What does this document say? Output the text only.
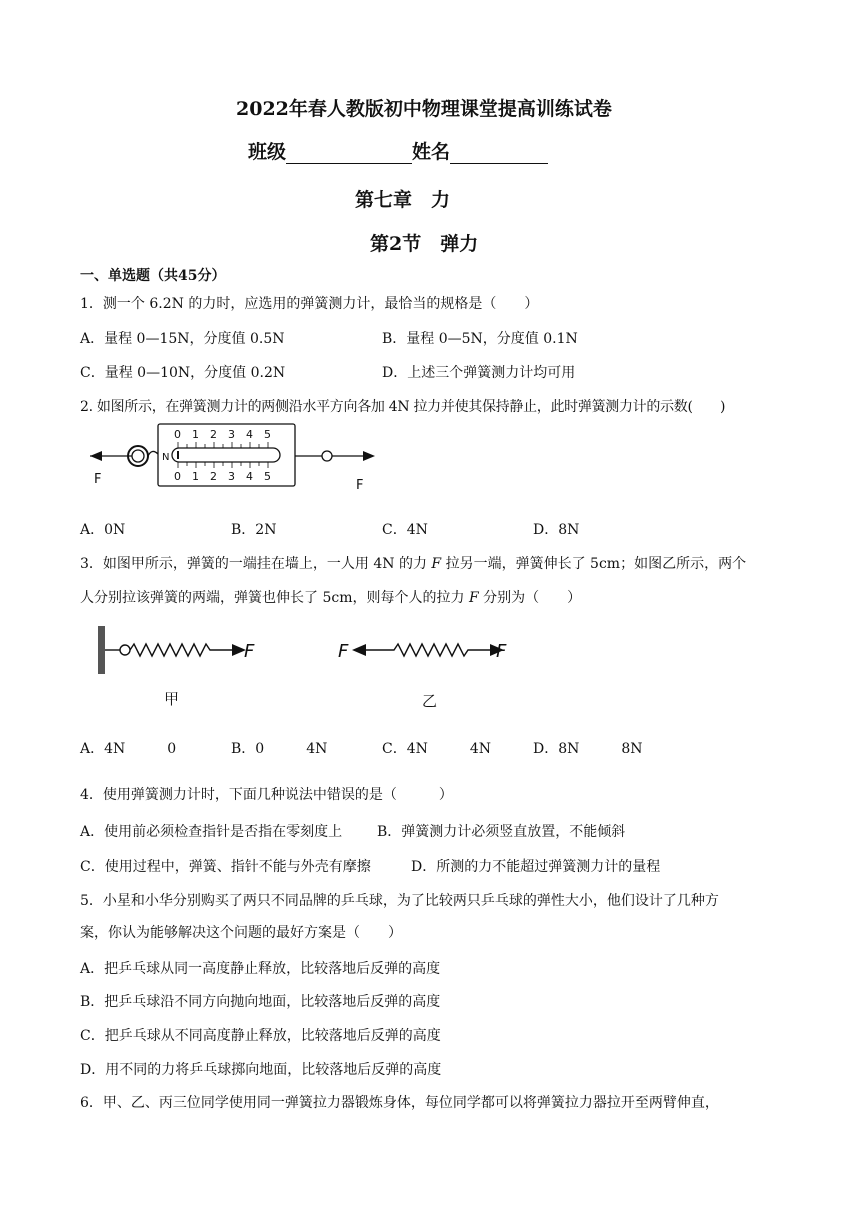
2022年春人教版初中物理课堂提高训练试卷
班级	姓名
第七章　力
第2节　弹力
一、单选题（共45分）
1．测一个 6.2N 的力时，应选用的弹簧测力计，最恰当的规格是（　　）
A．量程 0—15N，分度值 0.5N	B．量程 0—5N，分度值 0.1N
C．量程 0—10N，分度值 0.2N	D．上述三个弹簧测力计均可用
2. 如图所示，在弹簧测力计的两侧沿水平方向各加 4N 拉力并使其保持静止，此时弹簧测力计的示数(　　)
0 1 2 3 4 5
0 1 2 3 4 5
N
F	F
A．0N	B．2N	C．4N	D．8N
3．如图甲所示，弹簧的一端挂在墙上，一人用 4N 的力 F 拉另一端，弹簧伸长了 5cm；如图乙所示，两个
人分别拉该弹簧的两端，弹簧也伸长了 5cm，则每个人的拉力 F 分别为（　　）
F
甲
F	F
乙
A．4N　　　0	B．0　　　4N	C．4N　　　4N	D．8N　　　8N
4．使用弹簧测力计时，下面几种说法中错误的是（　　　）
A．使用前必须检查指针是否指在零刻度上 B．弹簧测力计必须竖直放置，不能倾斜
C．使用过程中，弹簧、指针不能与外壳有摩擦	D．所测的力不能超过弹簧测力计的量程
5．小星和小华分别购买了两只不同品牌的乒乓球，为了比较两只乒乓球的弹性大小，他们设计了几种方
案，你认为能够解决这个问题的最好方案是（　　）
A．把乒乓球从同一高度静止释放，比较落地后反弹的高度
B．把乒乓球沿不同方向抛向地面，比较落地后反弹的高度
C．把乒乓球从不同高度静止释放，比较落地后反弹的高度
D．用不同的力将乒乓球掷向地面，比较落地后反弹的高度
6．甲、乙、丙三位同学使用同一弹簧拉力器锻炼身体，每位同学都可以将弹簧拉力器拉开至两臂伸直，
